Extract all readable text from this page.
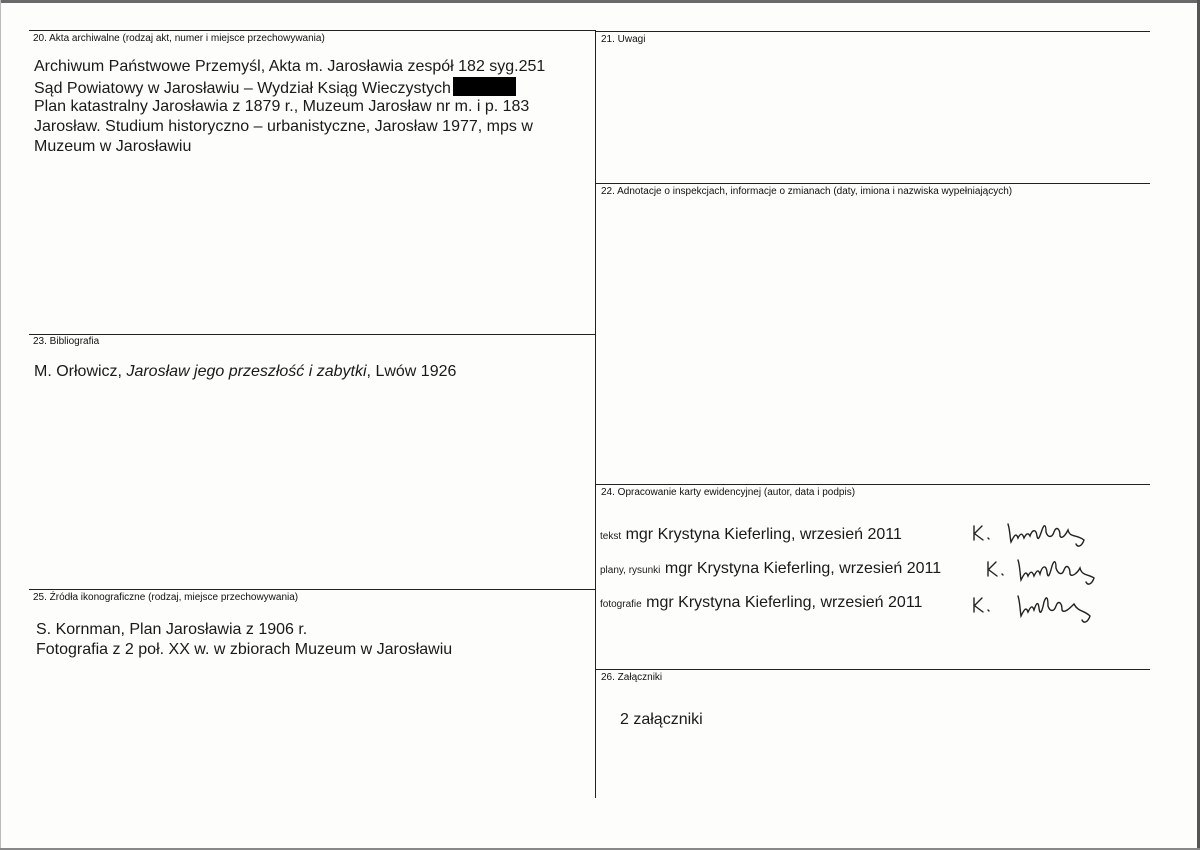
20. Akta archiwalne (rodzaj akt, numer i miejsce przechowywania)
Archiwum Państwowe Przemyśl, Akta m. Jarosławia zespół 182 syg.251
Sąd Powiatowy w Jarosławiu – Wydział Ksiąg Wieczystych
Plan katastralny Jarosławia z 1879 r., Muzeum Jarosław nr m. i p. 183
Jarosław. Studium historyczno – urbanistyczne, Jarosław 1977, mps w
Muzeum w Jarosławiu
21. Uwagi
22. Adnotacje o inspekcjach, informacje o zmianach (daty, imiona i nazwiska wypełniających)
23. Bibliografia
M. Orłowicz, Jarosław jego przeszłość i zabytki, Lwów 1926
24. Opracowanie karty ewidencyjnej (autor, data i podpis)
tekst mgr Krystyna Kieferling, wrzesień 2011
plany, rysunki mgr Krystyna Kieferling, wrzesień 2011
fotografie mgr Krystyna Kieferling, wrzesień 2011
25. Źródła ikonograficzne (rodzaj, miejsce przechowywania)
S. Kornman, Plan Jarosławia z 1906 r.
Fotografia z 2 poł. XX w. w zbiorach Muzeum w Jarosławiu
26. Załączniki
2 załączniki
